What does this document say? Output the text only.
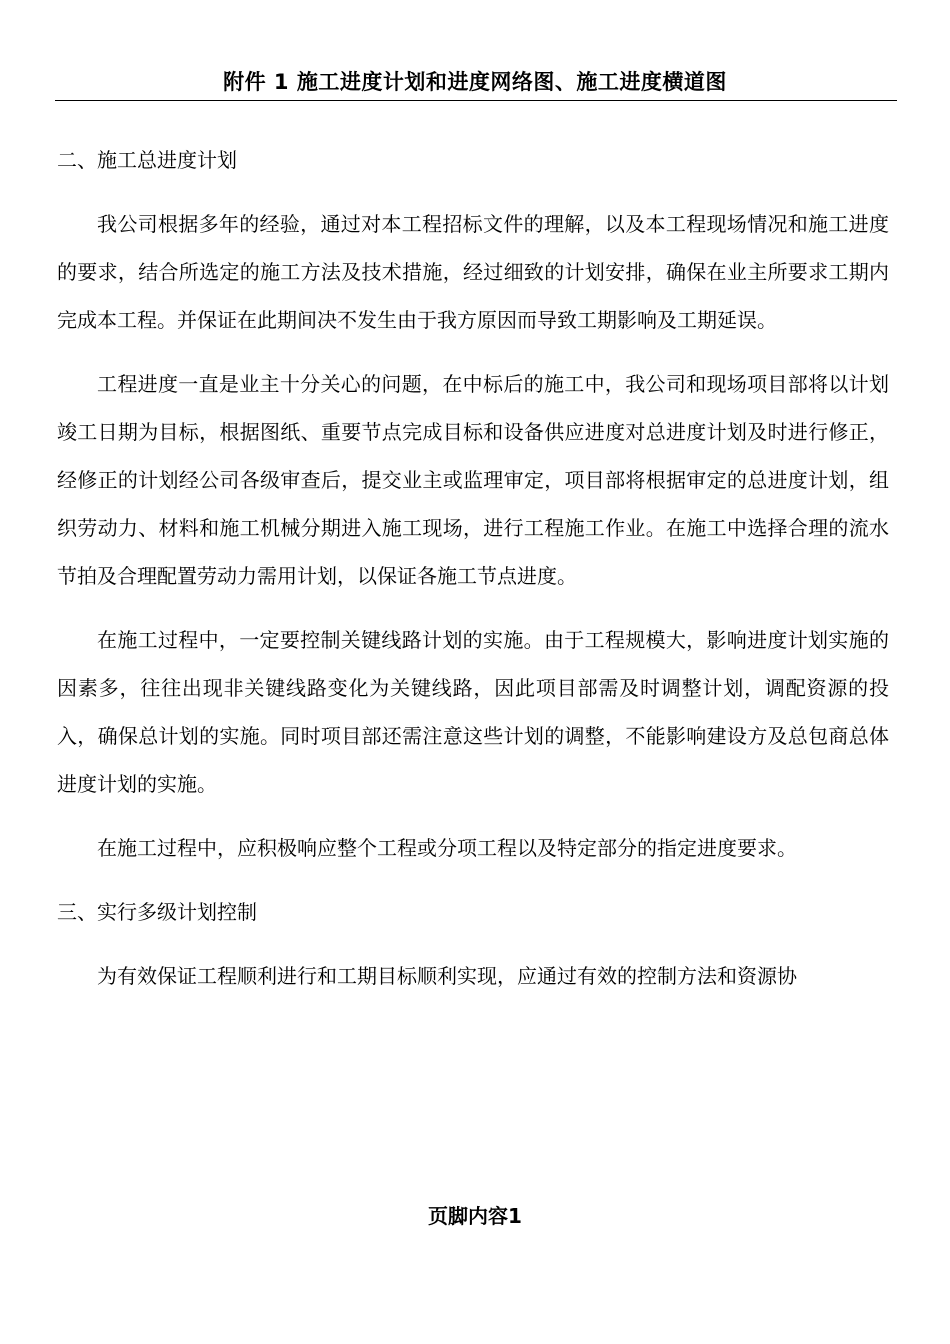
附件 1 施工进度计划和进度网络图、施工进度横道图
二、施工总进度计划

我公司根据多年的经验，通过对本工程招标文件的理解，以及本工程现场情况和施工进度的要求，结合所选定的施工方法及技术措施，经过细致的计划安排，确保在业主所要求工期内完成本工程。并保证在此期间决不发生由于我方原因而导致工期影响及工期延误。

工程进度一直是业主十分关心的问题，在中标后的施工中，我公司和现场项目部将以计划竣工日期为目标，根据图纸、重要节点完成目标和设备供应进度对总进度计划及时进行修正，经修正的计划经公司各级审查后，提交业主或监理审定，项目部将根据审定的总进度计划，组织劳动力、材料和施工机械分期进入施工现场，进行工程施工作业。在施工中选择合理的流水节拍及合理配置劳动力需用计划，以保证各施工节点进度。

在施工过程中，一定要控制关键线路计划的实施。由于工程规模大，影响进度计划实施的因素多，往往出现非关键线路变化为关键线路，因此项目部需及时调整计划，调配资源的投入，确保总计划的实施。同时项目部还需注意这些计划的调整，不能影响建设方及总包商总体进度计划的实施。

在施工过程中，应积极响应整个工程或分项工程以及特定部分的指定进度要求。

三、实行多级计划控制

为有效保证工程顺利进行和工期目标顺利实现，应通过有效的控制方法和资源协

页脚内容1
